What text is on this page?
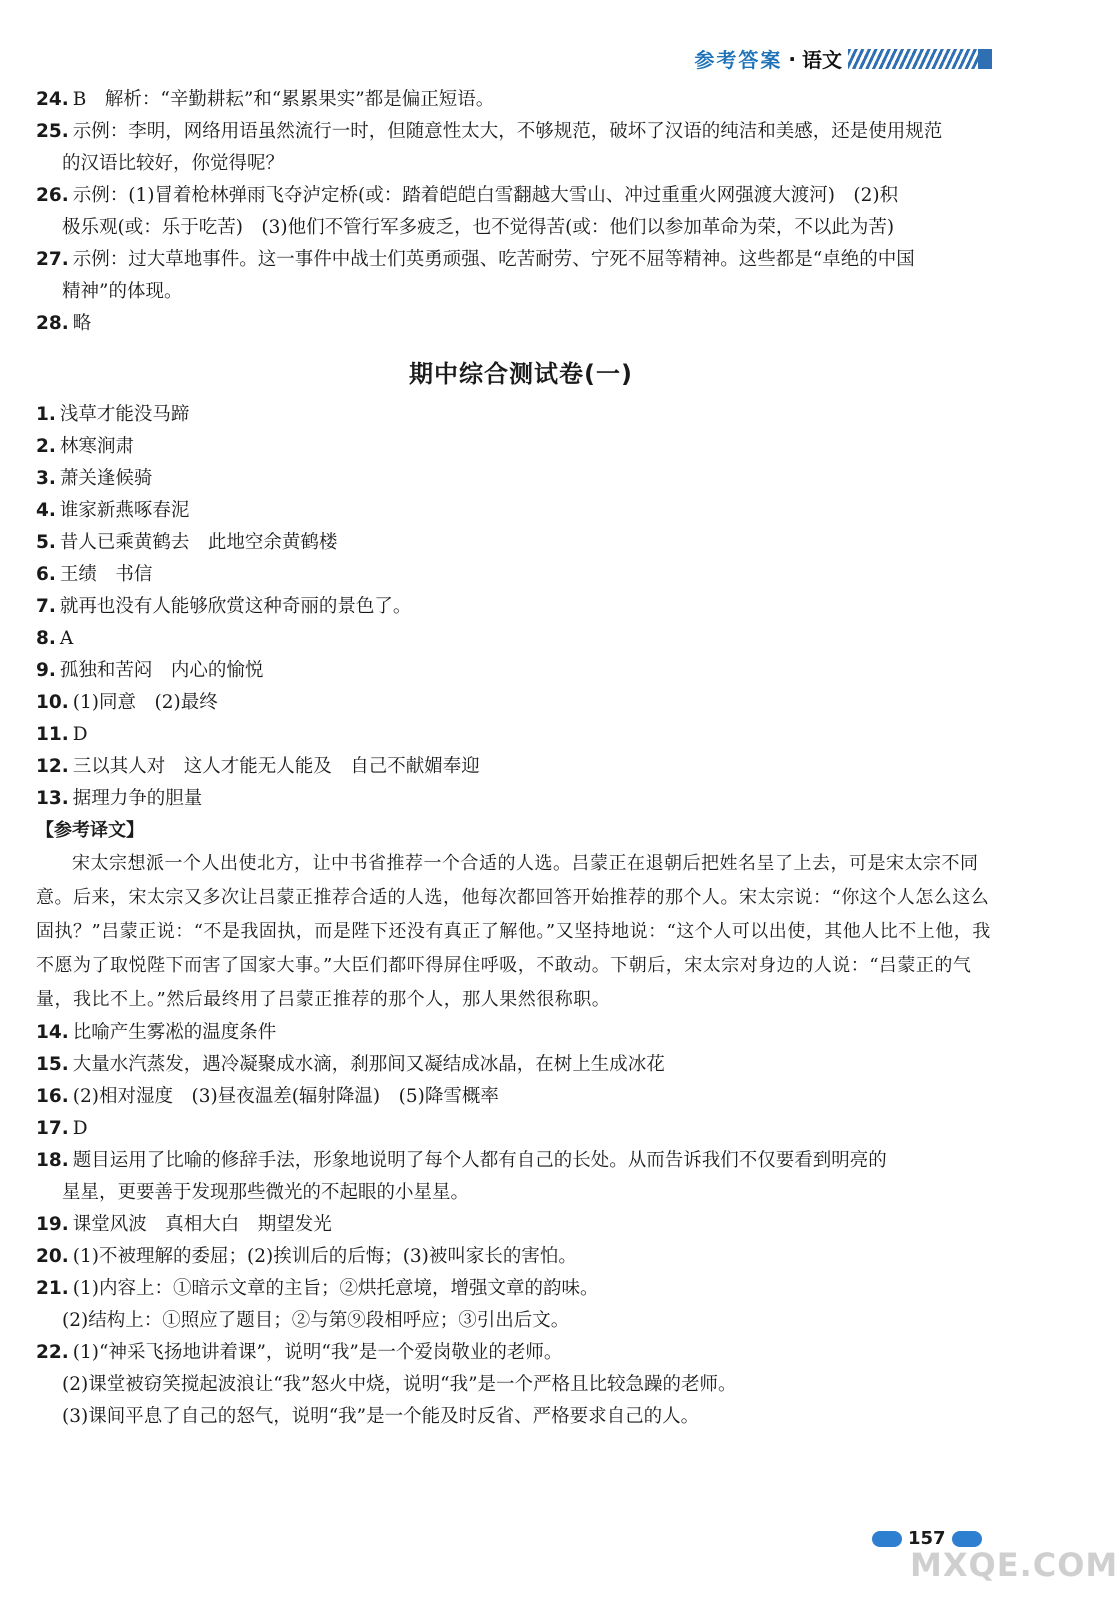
参考答案 · 语文

24. B　解析：“辛勤耕耘”和“累累果实”都是偏正短语。

25. 示例：李明，网络用语虽然流行一时，但随意性太大，不够规范，破坏了汉语的纯洁和美感，还是使用规范

的汉语比较好，你觉得呢？

26. 示例：(1)冒着枪林弹雨飞夺泸定桥(或：踏着皑皑白雪翻越大雪山、冲过重重火网强渡大渡河)　(2)积

极乐观(或：乐于吃苦)　(3)他们不管行军多疲乏，也不觉得苦(或：他们以参加革命为荣，不以此为苦)

27. 示例：过大草地事件。这一事件中战士们英勇顽强、吃苦耐劳、宁死不屈等精神。这些都是“卓绝的中国

精神”的体现。

28. 略

期中综合测试卷(一)

1. 浅草才能没马蹄

2. 林寒涧肃

3. 萧关逢候骑

4. 谁家新燕啄春泥

5. 昔人已乘黄鹤去　此地空余黄鹤楼

6. 王绩　书信

7. 就再也没有人能够欣赏这种奇丽的景色了。

8. A

9. 孤独和苦闷　内心的愉悦

10. (1)同意　(2)最终

11. D

12. 三以其人对　这人才能无人能及　自己不献媚奉迎

13. 据理力争的胆量

【参考译文】

宋太宗想派一个人出使北方，让中书省推荐一个合适的人选。吕蒙正在退朝后把姓名呈了上去，可是宋太宗不同意。后来，宋太宗又多次让吕蒙正推荐合适的人选，他每次都回答开始推荐的那个人。宋太宗说：“你这个人怎么这么固执？”吕蒙正说：“不是我固执，而是陛下还没有真正了解他。”又坚持地说：“这个人可以出使，其他人比不上他，我不愿为了取悦陛下而害了国家大事。”大臣们都吓得屏住呼吸，不敢动。下朝后，宋太宗对身边的人说：“吕蒙正的气量，我比不上。”然后最终用了吕蒙正推荐的那个人，那人果然很称职。

14. 比喻产生雾凇的温度条件

15. 大量水汽蒸发，遇冷凝聚成水滴，刹那间又凝结成冰晶，在树上生成冰花

16. (2)相对湿度　(3)昼夜温差(辐射降温)　(5)降雪概率

17. D

18. 题目运用了比喻的修辞手法，形象地说明了每个人都有自己的长处。从而告诉我们不仅要看到明亮的

星星，更要善于发现那些微光的不起眼的小星星。

19. 课堂风波　真相大白　期望发光

20. (1)不被理解的委屈；(2)挨训后的后悔；(3)被叫家长的害怕。

21. (1)内容上：①暗示文章的主旨；②烘托意境，增强文章的韵味。

(2)结构上：①照应了题目；②与第⑨段相呼应；③引出后文。

22. (1)“神采飞扬地讲着课”，说明“我”是一个爱岗敬业的老师。

(2)课堂被窃笑搅起波浪让“我”怒火中烧，说明“我”是一个严格且比较急躁的老师。

(3)课间平息了自己的怒气，说明“我”是一个能及时反省、严格要求自己的人。

157
MXQE.COM
